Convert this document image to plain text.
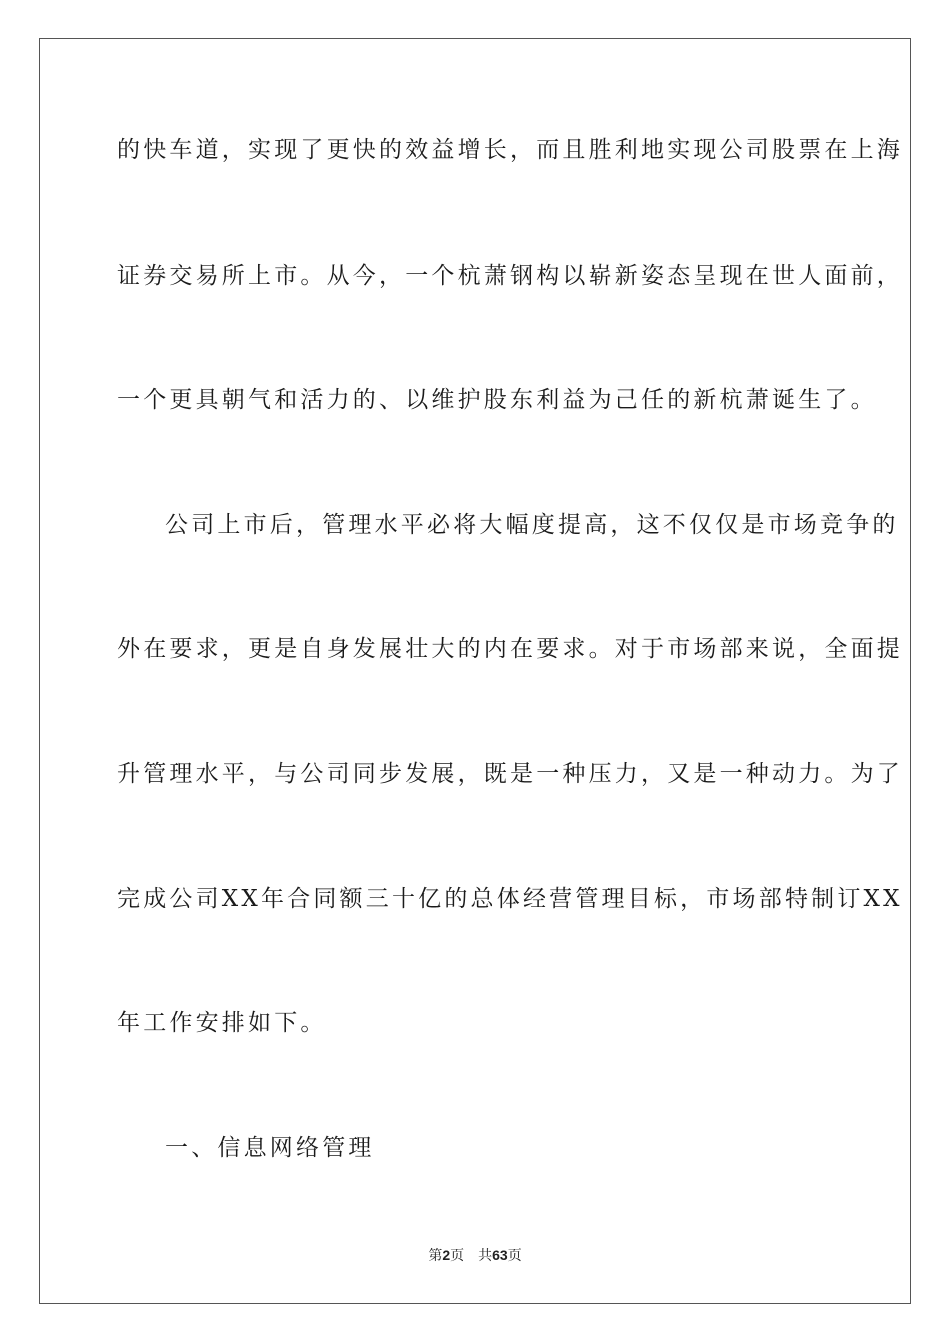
的快车道，实现了更快的效益增长，而且胜利地实现公司股票在上海
证券交易所上市。从今，一个杭萧钢构以崭新姿态呈现在世人面前，
一个更具朝气和活力的、以维护股东利益为己任的新杭萧诞生了。
公司上市后，管理水平必将大幅度提高，这不仅仅是市场竞争的
外在要求，更是自身发展壮大的内在要求。对于市场部来说，全面提
升管理水平，与公司同步发展，既是一种压力，又是一种动力。为了
完成公司XX年合同额三十亿的总体经营管理目标，市场部特制订XX
年工作安排如下。
一、信息网络管理
第2页 共63页
